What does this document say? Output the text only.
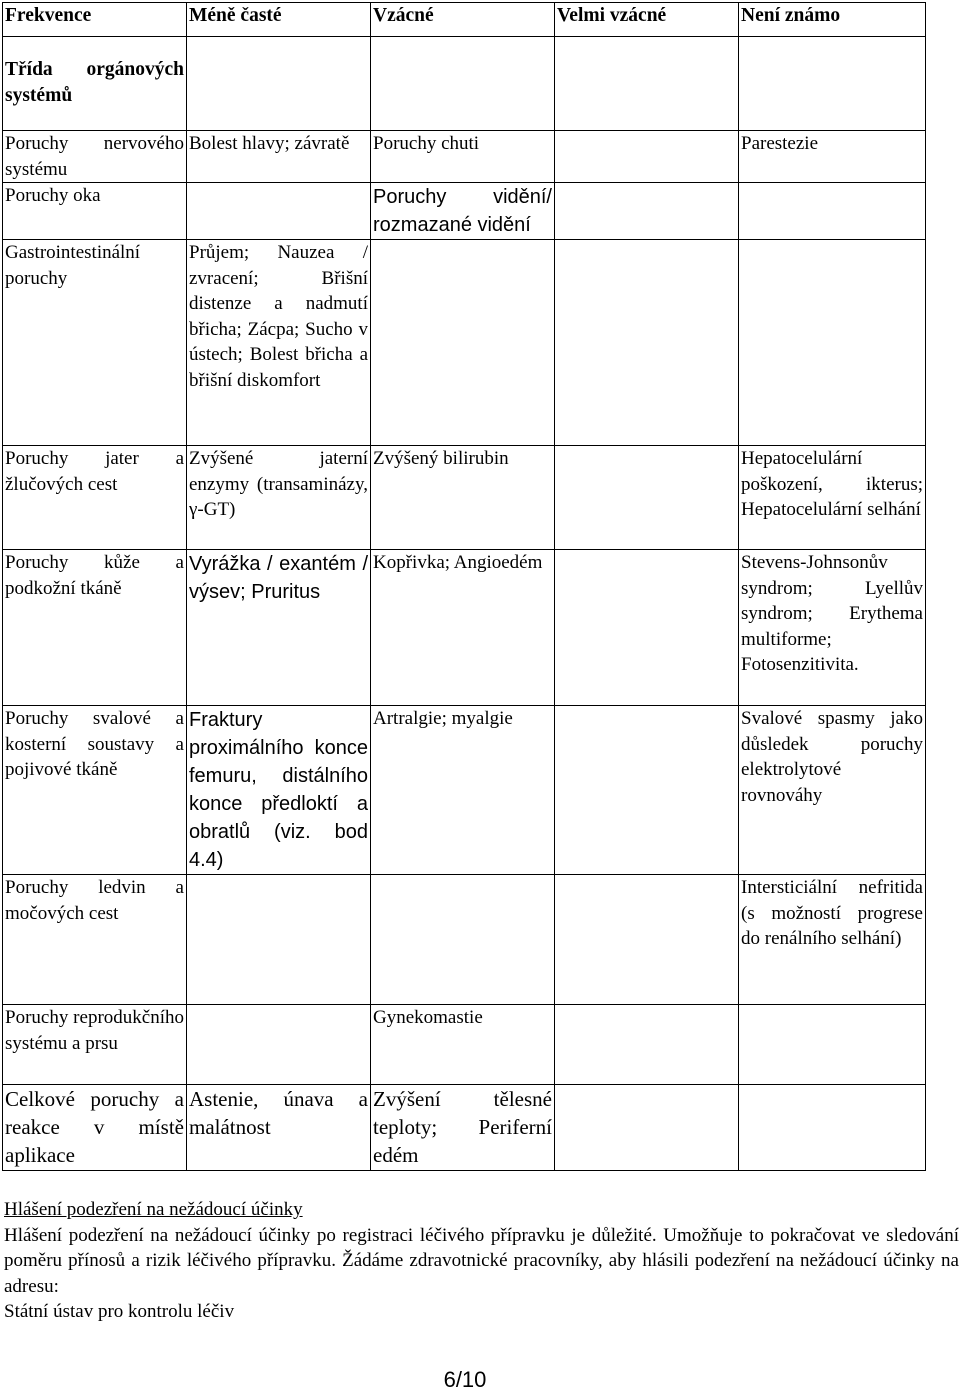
Frekvence	Méně časté	Vzácné	Velmi vzácné	Není známo
Třída orgánových systémů				
Poruchy nervového systému	Bolest hlavy; závratě	Poruchy chuti		Parestezie
Poruchy oka		Poruchy vidění/ rozmazané vidění		
Gastrointestinální poruchy	Průjem; Nauzea / zvracení; Břišní distenze a nadmutí břicha; Zácpa; Sucho v ústech; Bolest břicha a břišní diskomfort			
Poruchy jater a žlučových cest	Zvýšené jaterní enzymy (transaminázy, γ-GT)	Zvýšený bilirubin		Hepatocelulární poškození, ikterus; Hepatocelulární selhání
Poruchy kůže a podkožní tkáně	Vyrážka / exantém / výsev; Pruritus	Kopřivka; Angioedém		Stevens-Johnsonův syndrom; Lyellův syndrom; Erythema multiforme; Fotosenzitivita.
Poruchy svalové a kosterní soustavy a pojivové tkáně	Fraktury proximálního konce femuru, distálního konce předloktí a obratlů (viz. bod 4.4)	Artralgie; myalgie		Svalové spasmy jako důsledek poruchy elektrolytové rovnováhy
Poruchy ledvin a močových cest				Intersticiální nefritida (s možností progrese do renálního selhání)
Poruchy reprodukčního systému a prsu		Gynekomastie		
Celkové poruchy a reakce v místě aplikace	Astenie, únava a malátnost	Zvýšení tělesné teploty; Periferní edém		
Hlášení podezření na nežádoucí účinky

Hlášení podezření na nežádoucí účinky po registraci léčivého přípravku je důležité. Umožňuje to pokračovat ve sledování poměru přínosů a rizik léčivého přípravku. Žádáme zdravotnické pracovníky, aby hlásili podezření na nežádoucí účinky na adresu:

Státní ústav pro kontrolu léčiv

6/10
